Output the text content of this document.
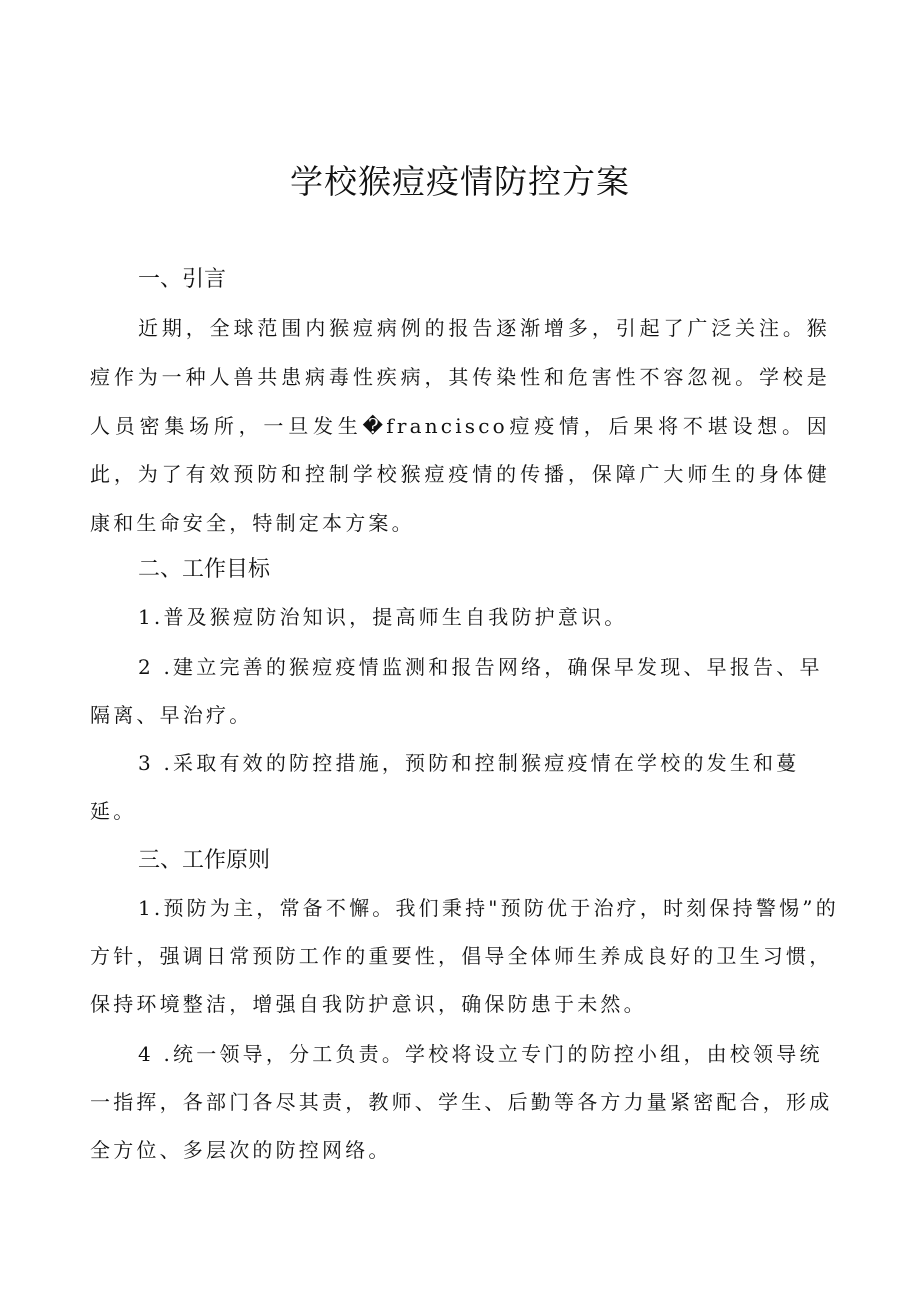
学校猴痘疫情防控方案
一、引言
近期，全球范围内猴痘病例的报告逐渐增多，引起了广泛关注。猴痘作为一种人兽共患病毒性疾病，其传染性和危害性不容忽视。学校是人员密集场所，一旦发生�francisco痘疫情，后果将不堪设想。因此，为了有效预防和控制学校猴痘疫情的传播，保障广大师生的身体健康和生命安全，特制定本方案。
二、工作目标
1.普及猴痘防治知识，提高师生自我防护意识。
2 .建立完善的猴痘疫情监测和报告网络，确保早发现、早报告、早
隔离、早治疗。
3 .采取有效的防控措施，预防和控制猴痘疫情在学校的发生和蔓
延。
三、工作原则
1.预防为主，常备不懈。我们秉持"预防优于治疗，时刻保持警惕”的
方针，强调日常预防工作的重要性，倡导全体师生养成良好的卫生习惯，
保持环境整洁，增强自我防护意识，确保防患于未然。
4 .统一领导，分工负责。学校将设立专门的防控小组，由校领导统
一指挥，各部门各尽其责，教师、学生、后勤等各方力量紧密配合，形成
全方位、多层次的防控网络。
